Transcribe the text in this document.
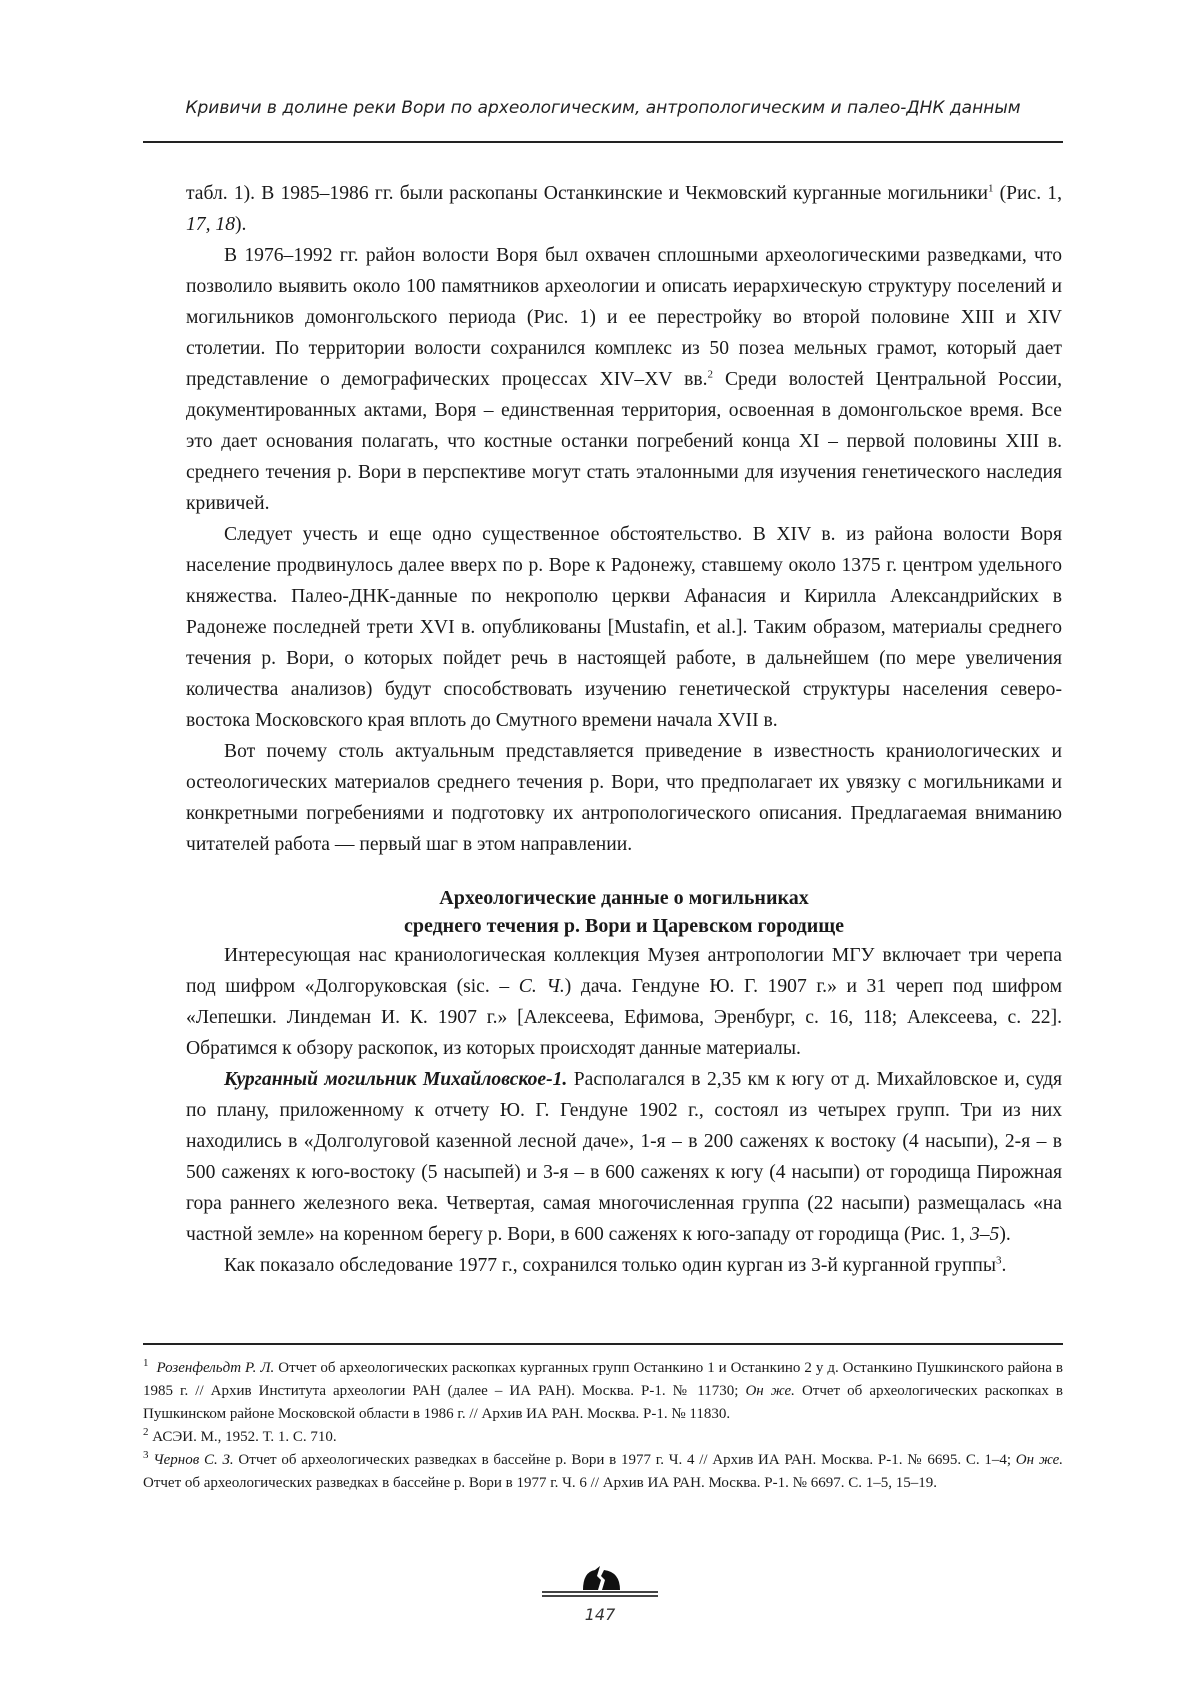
Кривичи в долине реки Вори по археологическим, антропологическим и палео-ДНК данным

табл. 1). В 1985–1986 гг. были раскопаны Останкинские и Чекмовский курганные могильники1 (Рис. 1, 17, 18).

В 1976–1992 гг. район волости Воря был охвачен сплошными археологическими разведками, что позволило выявить около 100 памятников археологии и описать иерархическую структуру поселений и могильников домонгольского периода (Рис. 1) и ее перестройку во второй половине XIII и XIV столетии. По территории волости сохранился комплекс из 50 позеа мельных грамот, который дает представление о демографических процессах XIV–XV вв.2 Среди волостей Центральной России, документированных актами, Воря – единственная территория, освоенная в домонгольское время. Все это дает основания полагать, что костные останки погребений конца XI – первой половины XIII в. среднего течения р. Вори в перспективе могут стать эталонными для изучения генетического наследия кривичей.

Следует учесть и еще одно существенное обстоятельство. В XIV в. из района волости Воря население продвинулось далее вверх по р. Воре к Радонежу, ставшему около 1375 г. центром удельного княжества. Палео-ДНК-данные по некрополю церкви Афанасия и Кирилла Александрийских в Радонеже последней трети XVI в. опубликованы [Mustafin, et al.]. Таким образом, материалы среднего течения р. Вори, о которых пойдет речь в настоящей работе, в дальнейшем (по мере увеличения количества анализов) будут способствовать изучению генетической структуры населения северо-востока Московского края вплоть до Смутного времени начала XVII в.

Вот почему столь актуальным представляется приведение в известность краниологических и остеологических материалов среднего течения р. Вори, что предполагает их увязку с могильниками и конкретными погребениями и подготовку их антропологического описания. Предлагаемая вниманию читателей работа — первый шаг в этом направлении.

Археологические данные о могильниках
среднего течения р. Вори и Царевском городище

Интересующая нас краниологическая коллекция Музея антропологии МГУ включает три черепа под шифром «Долгоруковская (sic. – С. Ч.) дача. Гендуне Ю. Г. 1907 г.» и 31 череп под шифром «Лепешки. Линдеман И. К. 1907 г.» [Алексеева, Ефимова, Эренбург, с. 16, 118; Алексеева, с. 22]. Обратимся к обзору раскопок, из которых происходят данные материалы.

Курганный могильник Михайловское-1. Располагался в 2,35 км к югу от д. Михайловское и, судя по плану, приложенному к отчету Ю. Г. Гендуне 1902 г., состоял из четырех групп. Три из них находились в «Долголуговой казенной лесной даче», 1-я – в 200 саженях к востоку (4 насыпи), 2-я – в 500 саженях к юго-востоку (5 насыпей) и 3-я – в 600 саженях к югу (4 насыпи) от городища Пирожная гора раннего железного века. Четвертая, самая многочисленная группа (22 насыпи) размещалась «на частной земле» на коренном берегу р. Вори, в 600 саженях к юго-западу от городища (Рис. 1, 3–5).

Как показало обследование 1977 г., сохранился только один курган из 3-й курганной группы3.

1 Розенфельдт Р. Л. Отчет об археологических раскопках курганных групп Останкино 1 и Останкино 2 у д. Останкино Пушкинского района в 1985 г. // Архив Института археологии РАН (далее – ИА РАН). Москва. Р-1. № 11730; Он же. Отчет об археологических раскопках в Пушкинском районе Московской области в 1986 г. // Архив ИА РАН. Москва. Р-1. № 11830.

2 АСЭИ. М., 1952. Т. 1. С. 710.

3 Чернов С. З. Отчет об археологических разведках в бассейне р. Вори в 1977 г. Ч. 4 // Архив ИА РАН. Москва. Р-1. № 6695. С. 1–4; Он же. Отчет об археологических разведках в бассейне р. Вори в 1977 г. Ч. 6 // Архив ИА РАН. Москва. Р-1. № 6697. С. 1–5, 15–19.

147
